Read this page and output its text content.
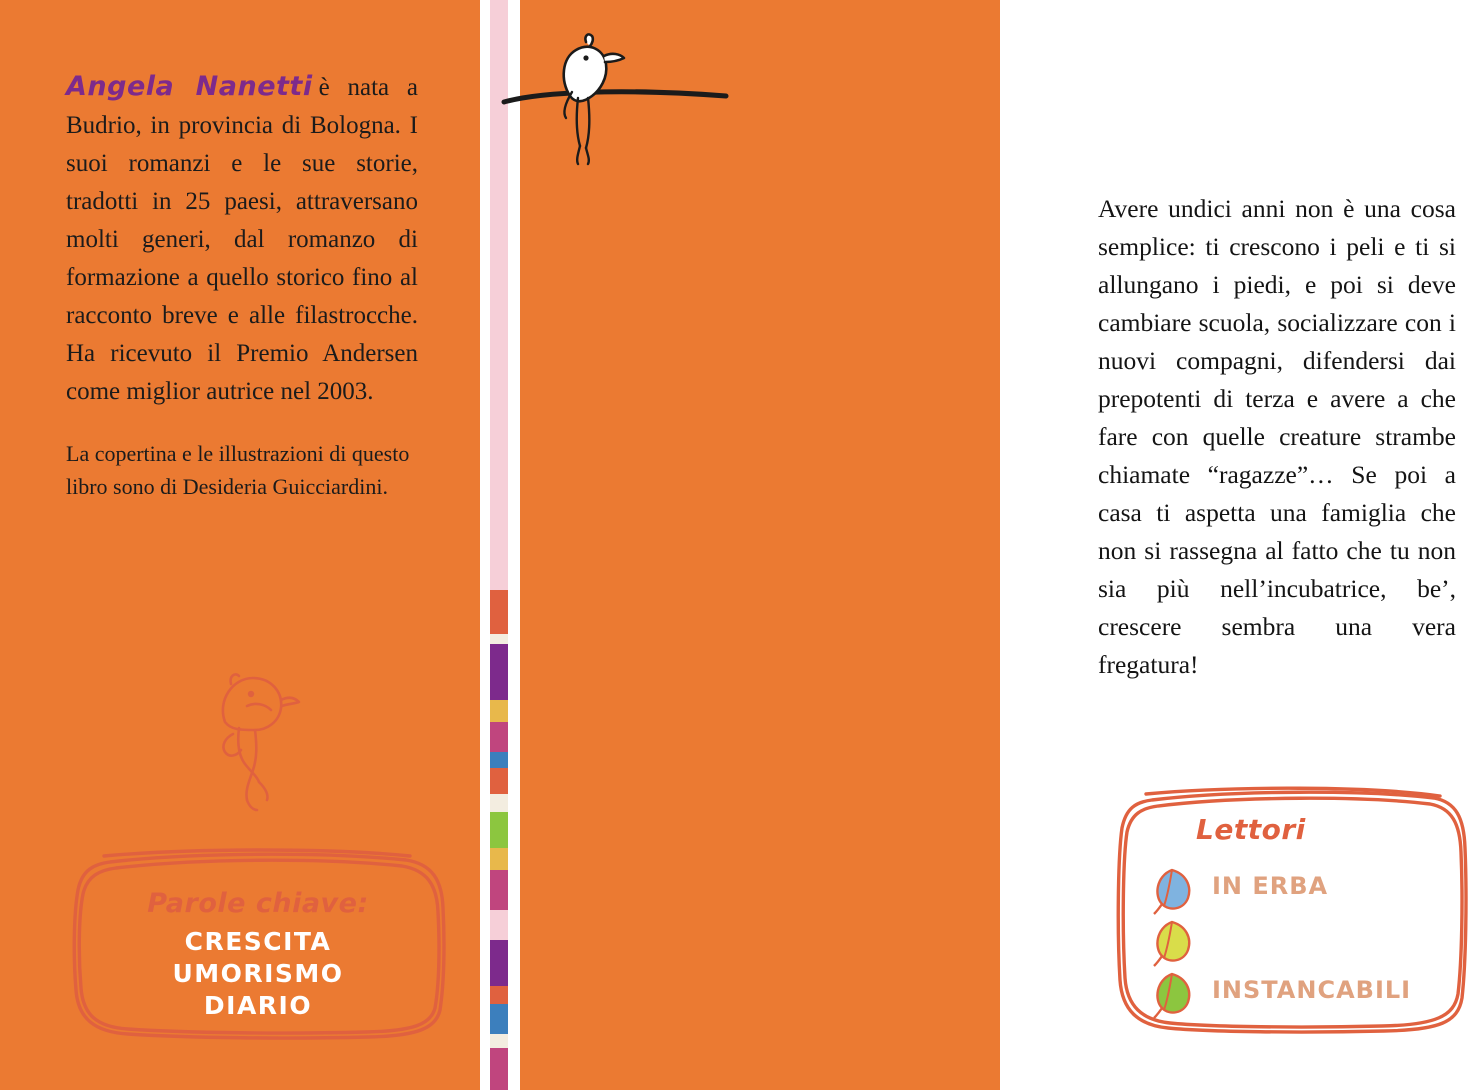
Angela Nanetti è nata a Budrio, in provincia di Bologna. I suoi romanzi e le sue storie, tradotti in 25 paesi, attraversano molti generi, dal romanzo di formazione a quello storico fino al racconto breve e alle filastrocche. Ha ricevuto il Premio Andersen come miglior autrice nel 2003.

La copertina e le illustrazioni di questo libro sono di Desideria Guicciardini.

Parole chiave:
CRESCITA
UMORISMO
DIARIO

Avere undici anni non è una cosa semplice: ti crescono i peli e ti si allungano i piedi, e poi si deve cambiare scuola, socializzare con i nuovi compagni, difendersi dai prepotenti di terza e avere a che fare con quelle creature strambe chiamate “ragazze”… Se poi a casa ti aspetta una famiglia che non si rassegna al fatto che tu non sia più nell’incubatrice, be’, crescere sembra una vera fregatura!

Lettori
IN ERBA
IN GAMBA
INSTANCABILI
